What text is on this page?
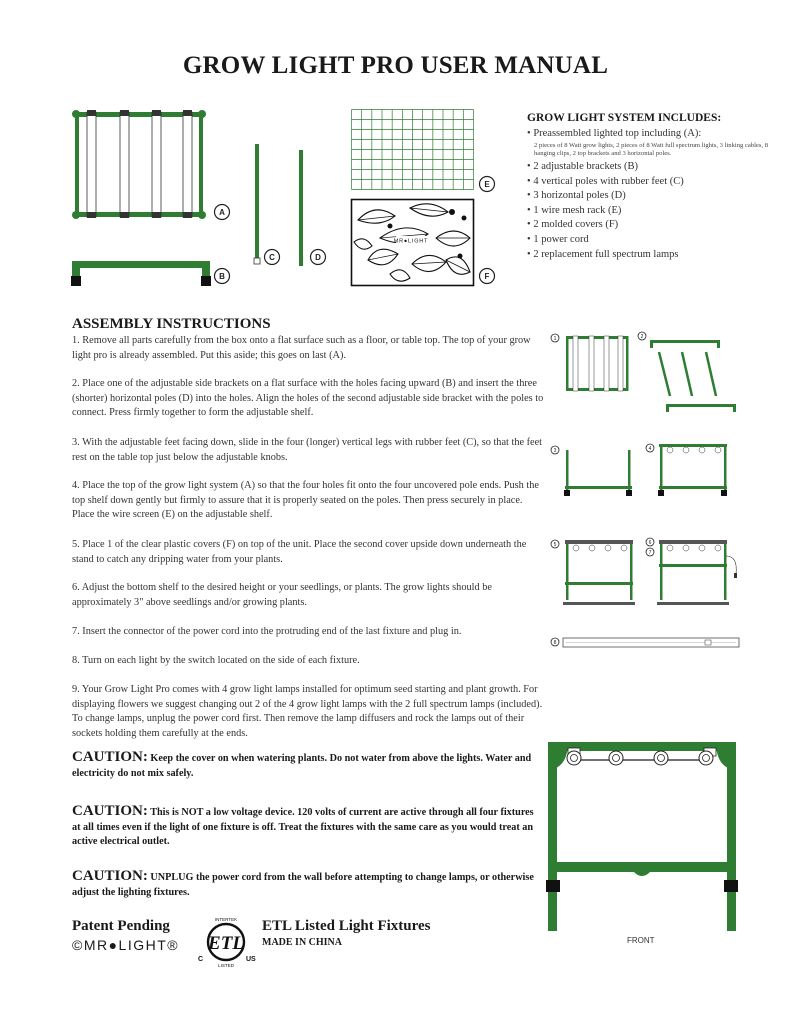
GROW LIGHT PRO USER MANUAL
A
B
C	D
E
MR●LIGHT
F
GROW LIGHT SYSTEM INCLUDES:
• Preassembled lighted top including (A):
2 pieces of 8 Watt grow lights, 2 pieces of 8 Watt full spectrum lights, 3 linking cables, 8 hanging clips, 2 top brackets and 3 horizontal poles.
• 2 adjustable brackets (B)
• 4 vertical poles with rubber feet (C)
• 3 horizontal poles (D)
• 1 wire mesh rack (E)
• 2 molded covers (F)
• 1 power cord
• 2 replacement full spectrum lamps
ASSEMBLY INSTRUCTIONS
1. Remove all parts carefully from the box onto a flat surface such as a floor, or table top. The top of your grow light pro is already assembled. Put this aside; this goes on last (A).
2. Place one of the adjustable side brackets on a flat surface with the holes facing upward (B) and insert the three (shorter) horizontal poles (D) into the holes. Align the holes of the second adjustable side bracket with the poles to connect. Press firmly together to form the adjustable shelf.
3. With the adjustable feet facing down, slide in the four (longer) vertical legs with rubber feet (C), so that the feet rest on the table top just below the adjustable knobs.
4. Place the top of the grow light system (A) so that the four holes fit onto the four uncovered pole ends. Push the top shelf down gently but firmly to assure that it is properly seated on the poles. Then press securely in place. Place the wire screen (E) on the adjustable shelf.
5. Place 1 of the clear plastic covers (F) on top of the unit. Place the second cover upside down underneath the stand to catch any dripping water from your plants.
6. Adjust the bottom shelf to the desired height or your seedlings, or plants. The grow lights should be approximately 3" above seedlings and/or growing plants.
7. Insert the connector of the power cord into the protruding end of the last fixture and plug in.
8. Turn on each light by the switch located on the side of each fixture.
9. Your Grow Light Pro comes with 4 grow light lamps installed for optimum seed starting and plant growth. For displaying flowers we suggest changing out 2 of the 4 grow light lamps with the 2 full spectrum lamps (included). To change lamps, unplug the power cord first. Then remove the lamp diffusers and rock the lamps out of their sockets holding them carefully at the ends.
CAUTION: Keep the cover on when watering plants. Do not water from above the lights. Water and electricity do not mix safely.
CAUTION: This is NOT a low voltage device. 120 volts of current are active through all four fixtures at all times even if the light of one fixture is off. Treat the fixtures with the same care as you would treat an active electrical outlet.
CAUTION: UNPLUG the power cord from the wall before attempting to change lamps, or otherwise adjust the lighting fixtures.
1	2
3	4
5	6
7
8
FRONT
Patent Pending
©MR●LIGHT® ETL
INTERTEK
LISTED
C	US
ETL Listed Light Fixtures
MADE IN CHINA
